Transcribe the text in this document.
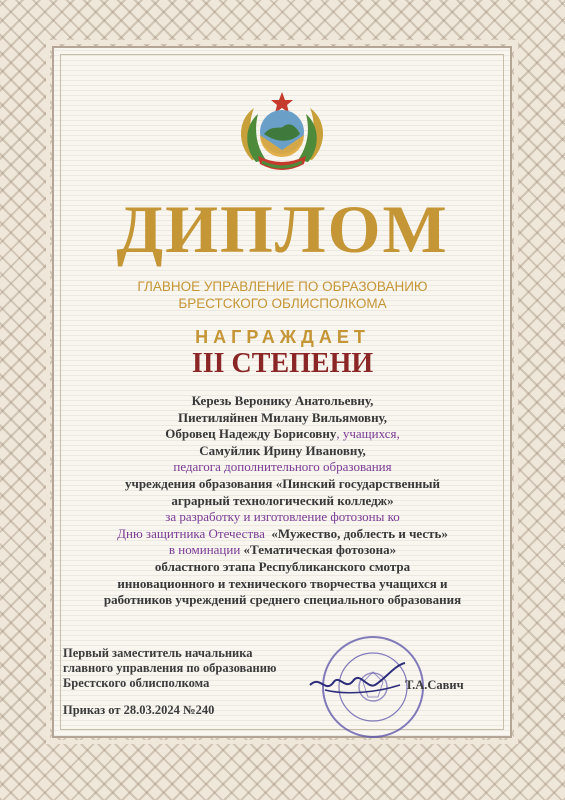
ДИПЛОМ
ГЛАВНОЕ УПРАВЛЕНИЕ ПО ОБРАЗОВАНИЮ
БРЕСТСКОГО ОБЛИСПОЛКОМА
НАГРАЖДАЕТ
III СТЕПЕНИ
Керезь Веронику Анатольевну,
Пиетиляйнен Милану Вильямовну,
Обровец Надежду Борисовну, учащихся,
Самуйлик Ирину Ивановну,
педагога дополнительного образования
учреждения образования «Пинский государственный
аграрный технологический колледж»
за разработку и изготовление фотозоны ко
Дню защитника Отечества «Мужество, доблесть и честь»
в номинации «Тематическая фотозона»
областного этапа Республиканского смотра
инновационного и технического творчества учащихся и
работников учреждений среднего специального образования
Первый заместитель начальника
главного управления по образованию
Брестского облисполкома	Т.А.Савич
Приказ от 28.03.2024 №240
